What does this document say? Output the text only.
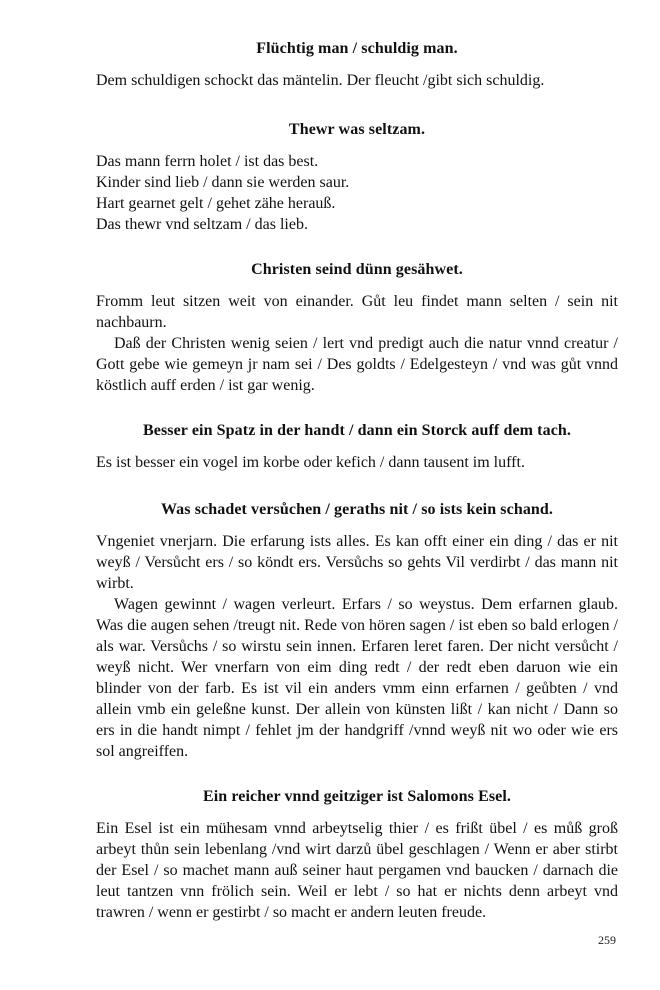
Flüchtig man / schuldig man.

Dem schuldigen schockt das mäntelin. Der fleucht /gibt sich schuldig.

Thewr was seltzam.

Das mann ferrn holet / ist das best.
Kinder sind lieb / dann sie werden saur.
Hart gearnet gelt / gehet zähe herauß.
Das thewr vnd seltzam / das lieb.

Christen seind dünn gesähwet.

Fromm leut sitzen weit von einander. Gůt leu findet mann selten / sein nit nachbaurn.

Daß der Christen wenig seien / lert vnd predigt auch die natur vnnd creatur / Gott gebe wie gemeyn jr nam sei / Des goldts / Edelgesteyn / vnd was gůt vnnd köstlich auff erden / ist gar wenig.

Besser ein Spatz in der handt / dann ein Storck auff dem tach.

Es ist besser ein vogel im korbe oder kefich / dann tausent im lufft.

Was schadet versůchen / geraths nit / so ists kein schand.

Vngeniet vnerjarn. Die erfarung ists alles. Es kan offt einer ein ding / das er nit weyß / Versůcht ers / so köndt ers. Versůchs so gehts Vil verdirbt / das mann nit wirbt.

Wagen gewinnt / wagen verleurt. Erfars / so weystus. Dem erfarnen glaub. Was die augen sehen /treugt nit. Rede von hören sagen / ist eben so bald erlogen / als war. Versůchs / so wirstu sein innen. Erfaren leret faren. Der nicht versůcht / weyß nicht. Wer vnerfarn von eim ding redt / der redt eben daruon wie ein blinder von der farb. Es ist vil ein anders vmm einn erfarnen / geůbten / vnd allein vmb ein geleßne kunst. Der allein von künsten lißt / kan nicht / Dann so ers in die handt nimpt / fehlet jm der handgriff /vnnd weyß nit wo oder wie ers sol angreiffen.

Ein reicher vnnd geitziger ist Salomons Esel.

Ein Esel ist ein mühesam vnnd arbeytselig thier / es frißt übel / es můß groß arbeyt thůn sein lebenlang /vnd wirt darzů übel geschlagen / Wenn er aber stirbt der Esel / so machet mann auß seiner haut pergamen vnd baucken / darnach die leut tantzen vnn frölich sein. Weil er lebt / so hat er nichts denn arbeyt vnd trawren / wenn er gestirbt / so macht er andern leuten freude.

259
